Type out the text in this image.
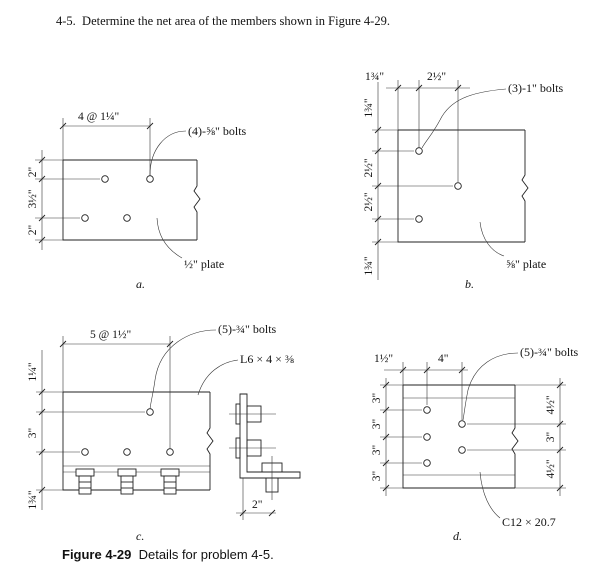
4-5. Determine the net area of the members shown in Figure 4-29.
4 @ 1¼"
(4)-⅝" bolts
2"
3½"
2"
½" plate
a.
1¾"	2½"
(3)-1" bolts
1¾"
2½"
2½"
1¾"	⅝" plate
b.
5 @ 1½"	(5)-¾" bolts
L6 × 4 × ⅜
1¼"
3"
1¾"	2"
c.
1½"	4"	(5)-¾" bolts
3"
3"
3"
3"
4½"
3"
4½"
C12 × 20.7
d.
Figure 4-29 Details for problem 4-5.
